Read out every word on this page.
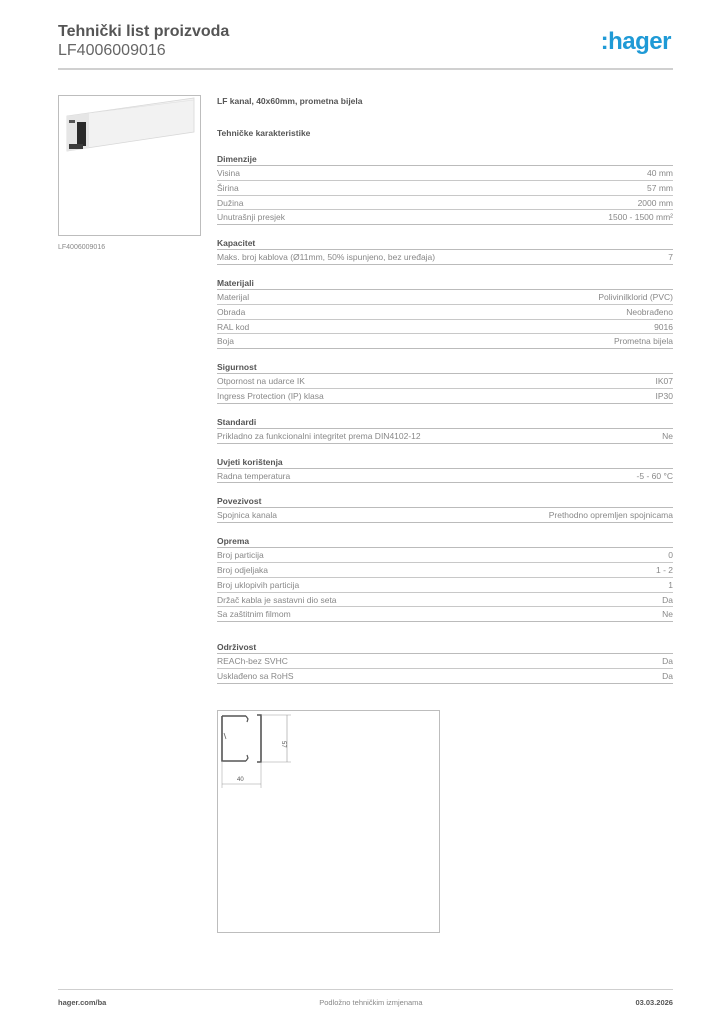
Tehnički list proizvoda
LF4006009016	:hager
LF4006009016
LF kanal, 40x60mm, prometna bijela
Tehničke karakteristike
Dimenzije
Visina	40 mm
Širina	57 mm
Dužina	2000 mm
Unutrašnji presjek	1500 - 1500 mm²
Kapacitet
Maks. broj kablova (Ø11mm, 50% ispunjeno, bez uređaja)	7
Materijali
Materijal	Polivinilklorid (PVC)
Obrada	Neobrađeno
RAL kod	9016
Boja	Prometna bijela
Sigurnost
Otpornost na udarce IK	IK07
Ingress Protection (IP) klasa	IP30
Standardi
Prikladno za funkcionalni integritet prema DIN4102-12	Ne
Uvjeti korištenja
Radna temperatura	-5 - 60 °C
Povezivost
Spojnica kanala	Prethodno opremljen spojnicama
Oprema
Broj particija	0
Broj odjeljaka	1 - 2
Broj uklopivih particija	1
Držač kabla je sastavni dio seta	Da
Sa zaštitnim filmom	Ne
Održivost
REACh-bez SVHC	Da
Usklađeno sa RoHS	Da
57
40
hager.com/ba	Podložno tehničkim izmjenama	03.03.2026
